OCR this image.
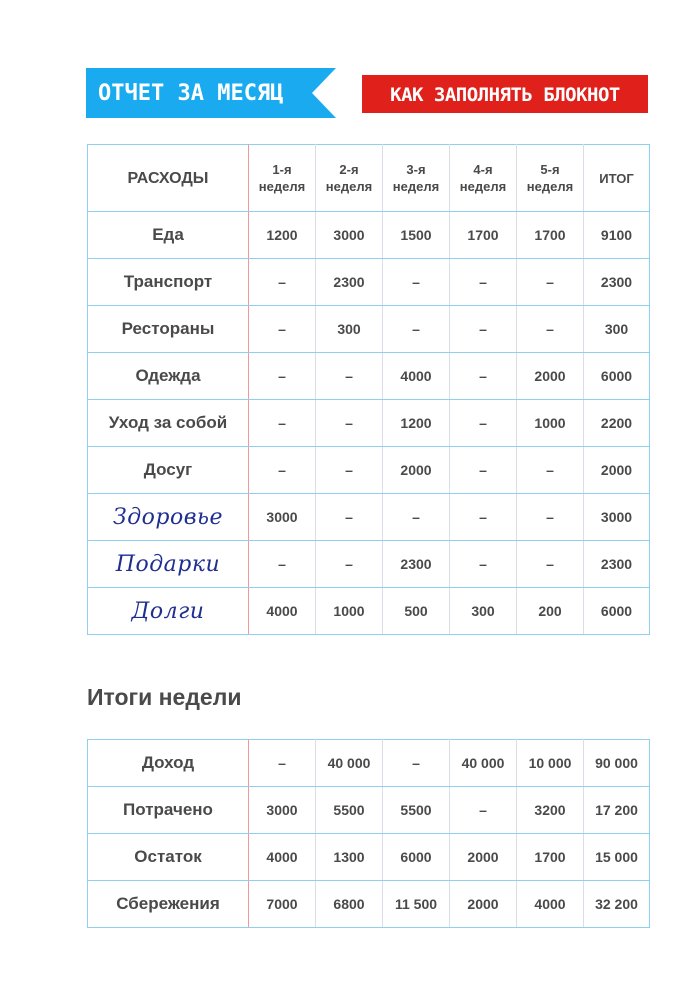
ОТЧЕТ ЗА МЕСЯЦ	КАК ЗАПОЛНЯТЬ БЛОКНОТ
РАСХОДЫ	1-я неделя	2-я неделя	3-я неделя	4-я неделя	5-я неделя	ИТОГ
Еда	1200	3000	1500	1700	1700	9100
Транспорт	–	2300	–	–	–	2300
Рестораны	–	300	–	–	–	300
Одежда	–	–	4000	–	2000	6000
Уход за собой	–	–	1200	–	1000	2200
Досуг	–	–	2000	–	–	2000
Здоровье	3000	–	–	–	–	3000
Подарки	–	–	2300	–	–	2300
Долги	4000	1000	500	300	200	6000
Итоги недели
Доход	–	40 000	–	40 000	10 000	90 000
Потрачено	3000	5500	5500	–	3200	17 200
Остаток	4000	1300	6000	2000	1700	15 000
Сбережения	7000	6800	11 500	2000	4000	32 200
